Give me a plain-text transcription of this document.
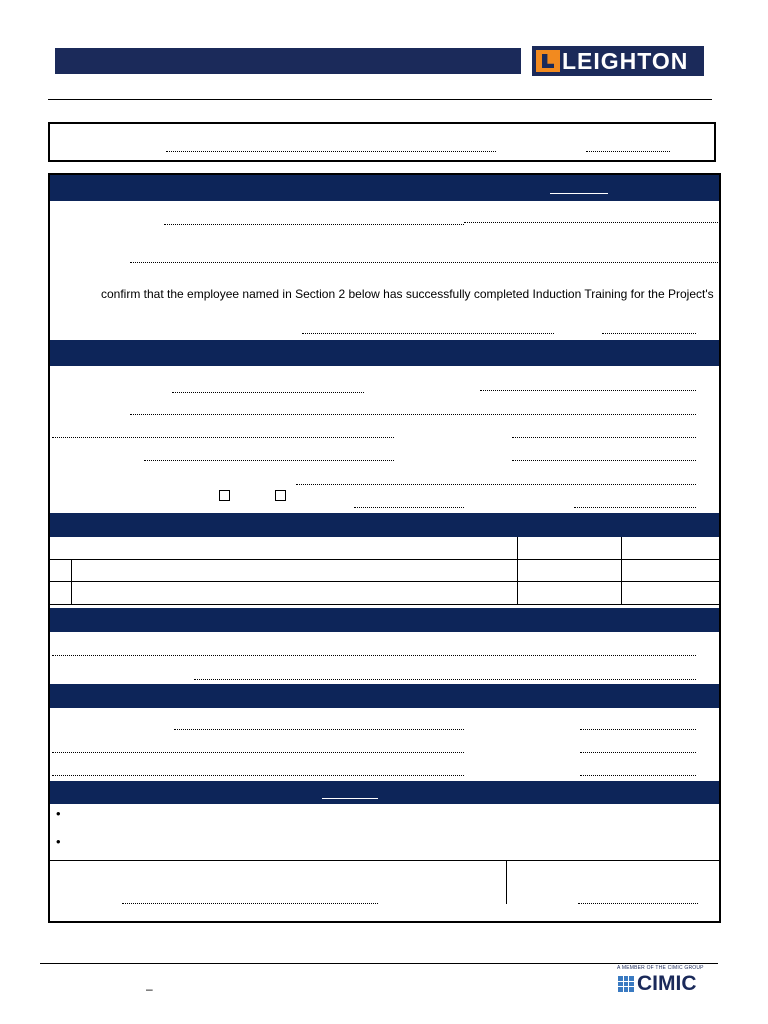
LEIGHTON
confirm that the employee named in Section 2 below has successfully completed Induction Training for the Project's
•
•
–
A MEMBER OF THE CIMIC GROUP
CIMIC
